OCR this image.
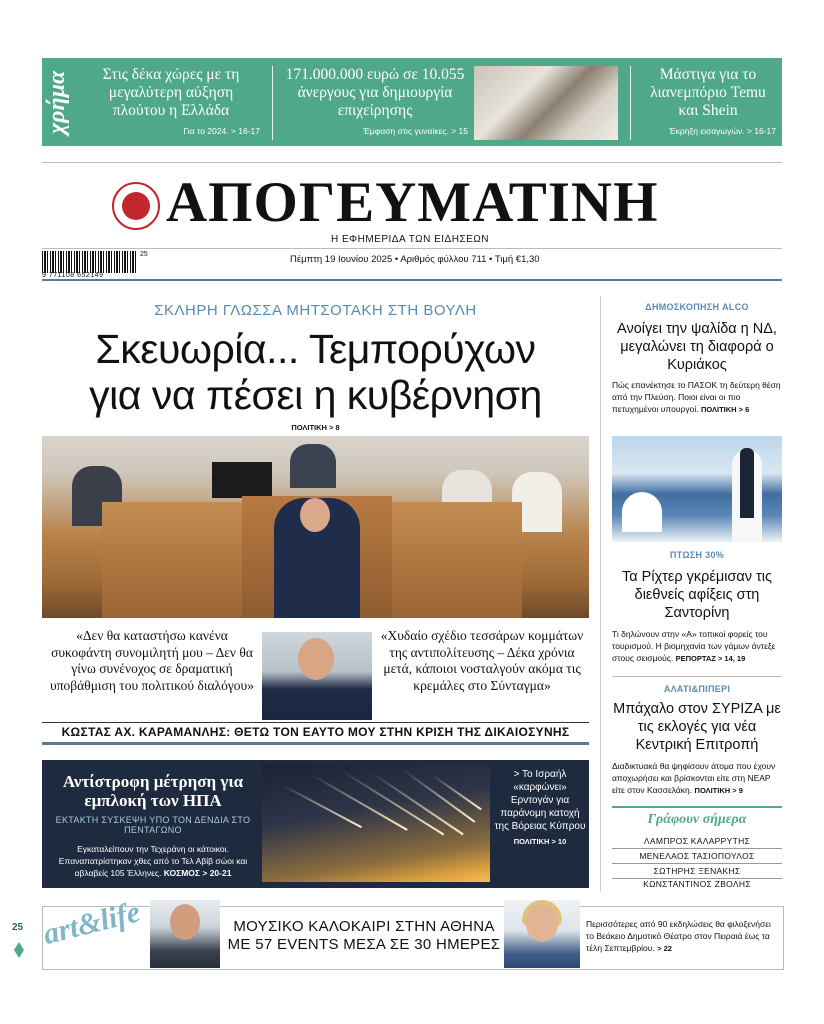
χρήμα	Στις δέκα χώρες με τη μεγαλύτερη αύξηση πλούτου η Ελλάδα
Για το 2024. > 16-17
171.000.000 ευρώ σε 10.055 άνεργους για δημιουργία επιχείρησης
Έμφαση στις γυναίκες. > 15
Μάστιγα για το λιανεμπόριο Temu και Shein
Έκρηξη εισαγωγών. > 16-17
ΑΠΟΓΕΥΜΑΤΙΝΗ
Η ΕΦΗΜΕΡΙΔΑ ΤΩΝ ΕΙΔΗΣΕΩΝ
25
9 771108 652149
Πέμπτη 19 Ιουνίου 2025 • Αριθμός φύλλου 711 • Τιμή €1,30
ΣΚΛΗΡΗ ΓΛΩΣΣΑ ΜΗΤΣΟΤΑΚΗ ΣΤΗ ΒΟΥΛΗ
Σκευωρία... Τεμπορύχων
για να πέσει η κυβέρνηση
ΠΟΛΙΤΙΚΗ > 8
«Δεν θα καταστήσω κανένα συκοφάντη συνομιλητή μου – Δεν θα γίνω συνένοχος σε δραματική υποβάθμιση του πολιτικού διαλόγου»
«Χυδαίο σχέδιο τεσσάρων κομμάτων της αντιπολίτευσης – Δέκα χρόνια μετά, κάποιοι νοσταλγούν ακόμα τις κρεμάλες στο Σύνταγμα»
ΚΩΣΤΑΣ ΑΧ. ΚΑΡΑΜΑΝΛΗΣ: ΘΕΤΩ ΤΟΝ ΕΑΥΤΟ ΜΟΥ ΣΤΗΝ ΚΡΙΣΗ ΤΗΣ ΔΙΚΑΙΟΣΥΝΗΣ
Αντίστροφη μέτρηση για εμπλοκή των ΗΠΑ
ΕΚΤΑΚΤΗ ΣΥΣΚΕΨΗ ΥΠΟ ΤΟΝ ΔΕΝΔΙΑ ΣΤΟ ΠΕΝΤΑΓΩΝΟ
Εγκαταλείπουν την Τεχεράνη οι κάτοικοι. Επαναπατρίστηκαν χθες από το Τελ Αβίβ σώοι και αβλαβείς 105 Έλληνες. ΚΟΣΜΟΣ > 20-21
> Το Ισραήλ «καρφώνει» Ερντογάν για παράνομη κατοχή της Βόρειας Κύπρου
ΠΟΛΙΤΙΚΗ > 10
ΔΗΜΟΣΚΟΠΗΣΗ ALCO
Ανοίγει την ψαλίδα η ΝΔ, μεγαλώνει τη διαφορά ο Κυριάκος
Πώς επανέκτησε το ΠΑΣΟΚ τη δεύτερη θέση από την Πλεύση. Ποιοι είναι οι πιο πετυχημένοι υπουργοί. ΠΟΛΙΤΙΚΗ > 6
ΠΤΩΣΗ 30%
Τα Ρίχτερ γκρέμισαν τις διεθνείς αφίξεις στη Σαντορίνη
Τι δηλώνουν στην «Α» τοπικοί φορείς του τουρισμού. Η βιομηχανία των γάμων άντεξε στους σεισμούς. ΡΕΠΟΡΤΑΖ > 14, 19
ΑΛΑΤΙ&ΠΙΠΕΡΙ
Μπάχαλο στον ΣΥΡΙΖΑ με τις εκλογές για νέα Κεντρική Επιτροπή
Διαδικτυακά θα ψηφίσουν άτομα που έχουν αποχωρήσει και βρίσκονται είτε στη ΝΕΑΡ είτε στον Κασσελάκη. ΠΟΛΙΤΙΚΗ > 9
Γράφουν σήμερα
ΛΑΜΠΡΟΣ ΚΑΛΑΡΡΥΤΗΣ
ΜΕΝΕΛΑΟΣ ΤΑΣΙΟΠΟΥΛΟΣ
ΣΩΤΗΡΗΣ ΞΕΝΑΚΗΣ
ΚΩΝΣΤΑΝΤΙΝΟΣ ΖΒΟΛΗΣ
25 art&life	ΜΟΥΣΙΚΟ ΚΑΛΟΚΑΙΡΙ ΣΤΗΝ ΑΘΗΝΑ
ΜΕ 57 EVENTS ΜΕΣΑ ΣΕ 30 ΗΜΕΡΕΣ
Περισσότερες από 90 εκδηλώσεις θα φιλοξενήσει το Βεάκειο Δημοτικό Θέατρο στον Πειραιά έως τα τέλη Σεπτεμβρίου. > 22
